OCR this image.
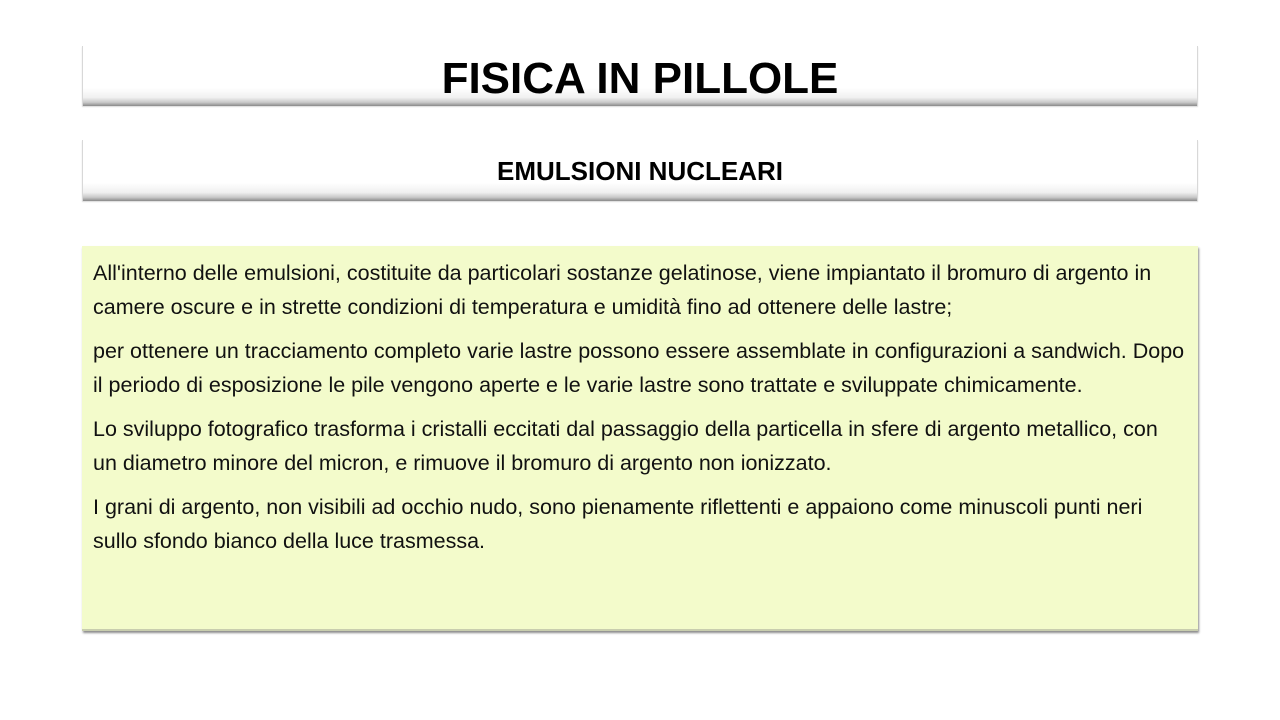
FISICA IN PILLOLE
EMULSIONI NUCLEARI

All'interno delle emulsioni, costituite da particolari sostanze gelatinose, viene impiantato il bromuro di argento in camere oscure e in strette condizioni di temperatura e umidità fino ad ottenere delle lastre;

per ottenere un tracciamento completo varie lastre possono essere assemblate in configurazioni a sandwich. Dopo il periodo di esposizione le pile vengono aperte e le varie lastre sono trattate e sviluppate chimicamente.

Lo sviluppo fotografico trasforma i cristalli eccitati dal passaggio della particella in sfere di argento metallico, con un diametro minore del micron, e rimuove il bromuro di argento non ionizzato.

I grani di argento, non visibili ad occhio nudo, sono pienamente riflettenti e appaiono come minuscoli punti neri sullo sfondo bianco della luce trasmessa.
